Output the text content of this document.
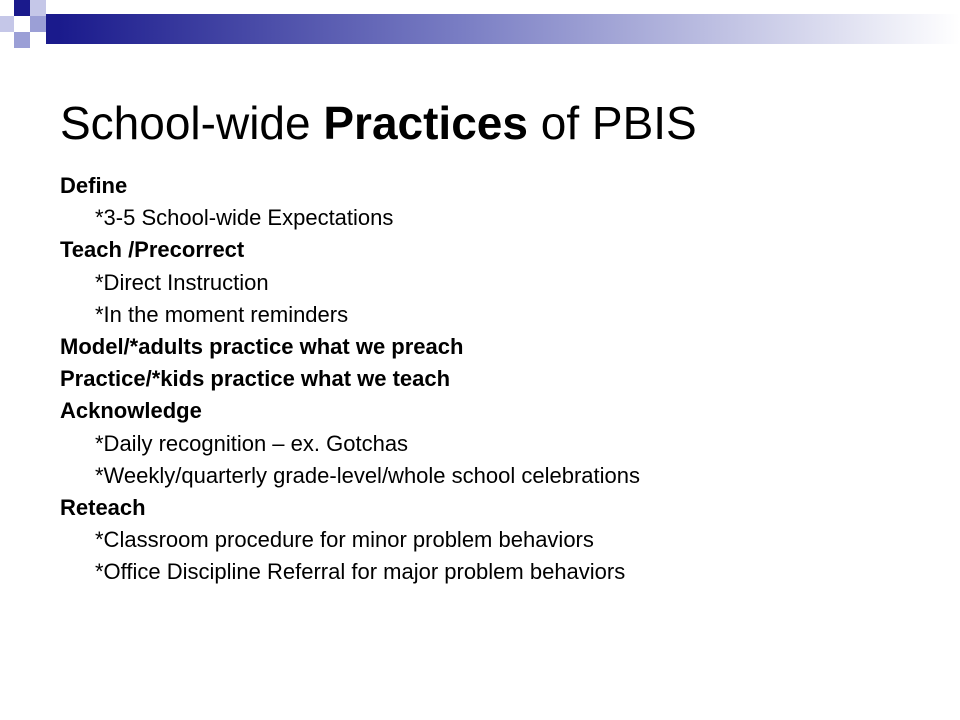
School-wide Practices of PBIS

Define

*3-5 School-wide Expectations

Teach /Precorrect

*Direct Instruction

*In the moment reminders

Model/*adults practice what we preach

Practice/*kids practice what we teach

Acknowledge

*Daily recognition – ex. Gotchas

*Weekly/quarterly grade-level/whole school celebrations

Reteach

*Classroom procedure for minor problem behaviors

*Office Discipline Referral for major problem behaviors
